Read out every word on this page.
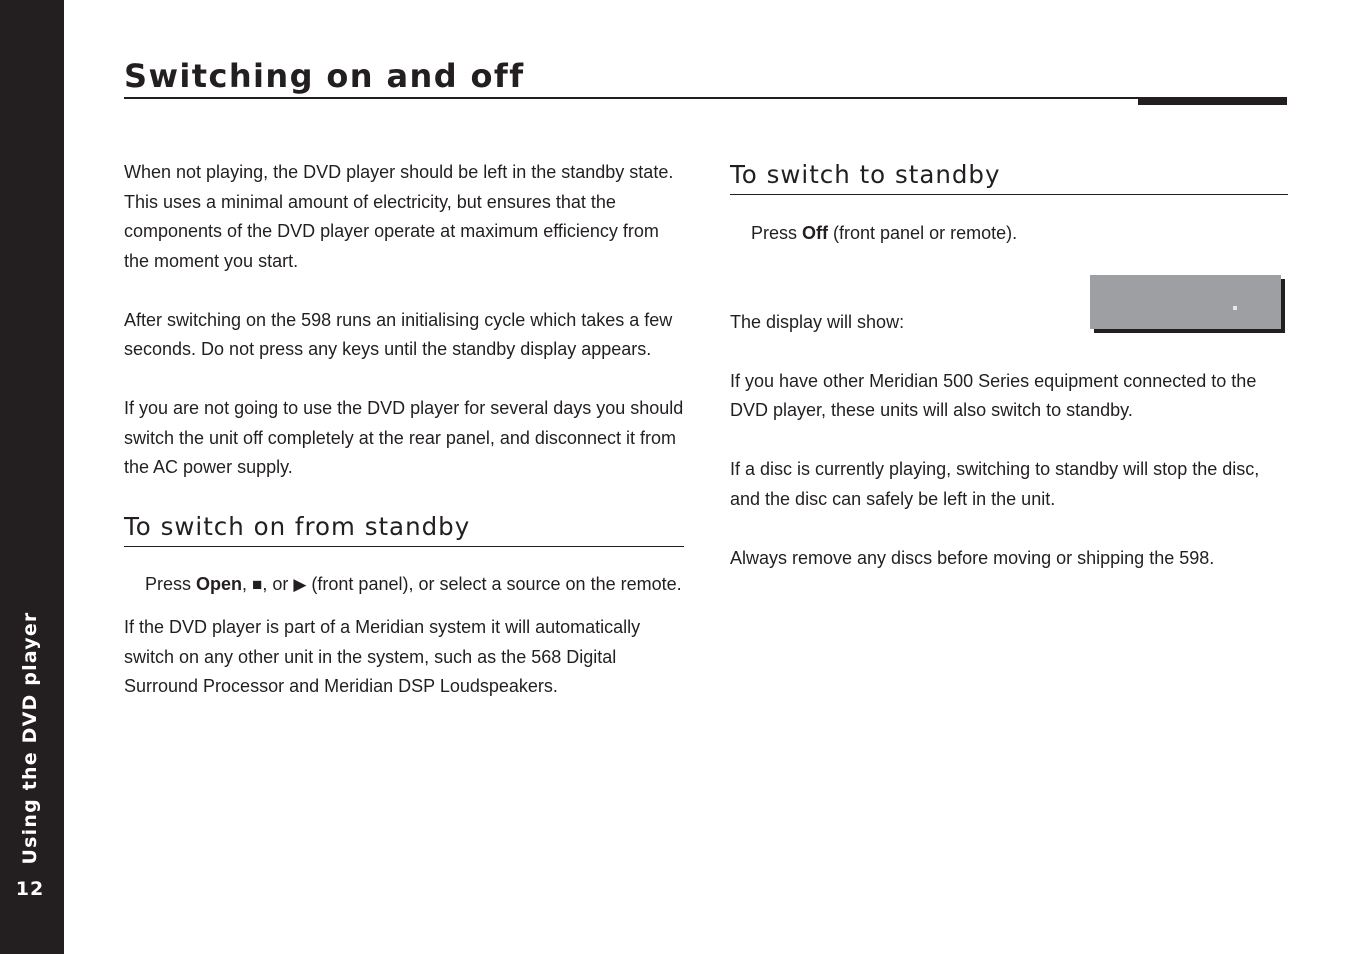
Using the DVD player
12
Switching on and off

When not playing, the DVD player should be left in the standby state. This uses a minimal amount of electricity, but ensures that the components of the DVD player operate at maximum efficiency from the moment you start.

After switching on the 598 runs an initialising cycle which takes a few seconds. Do not press any keys until the standby display appears.

If you are not going to use the DVD player for several days you should switch the unit off completely at the rear panel, and disconnect it from the AC power supply.

To switch on from standby

Press Open, ■, or ▶ (front panel), or select a source on the remote.

If the DVD player is part of a Meridian system it will automatically switch on any other unit in the system, such as the 568 Digital Surround Processor and Meridian DSP Loudspeakers.

To switch to standby

Press Off (front panel or remote).

The display will show:

If you have other Meridian 500 Series equipment connected to the DVD player, these units will also switch to standby.

If a disc is currently playing, switching to standby will stop the disc, and the disc can safely be left in the unit.

Always remove any discs before moving or shipping the 598.
